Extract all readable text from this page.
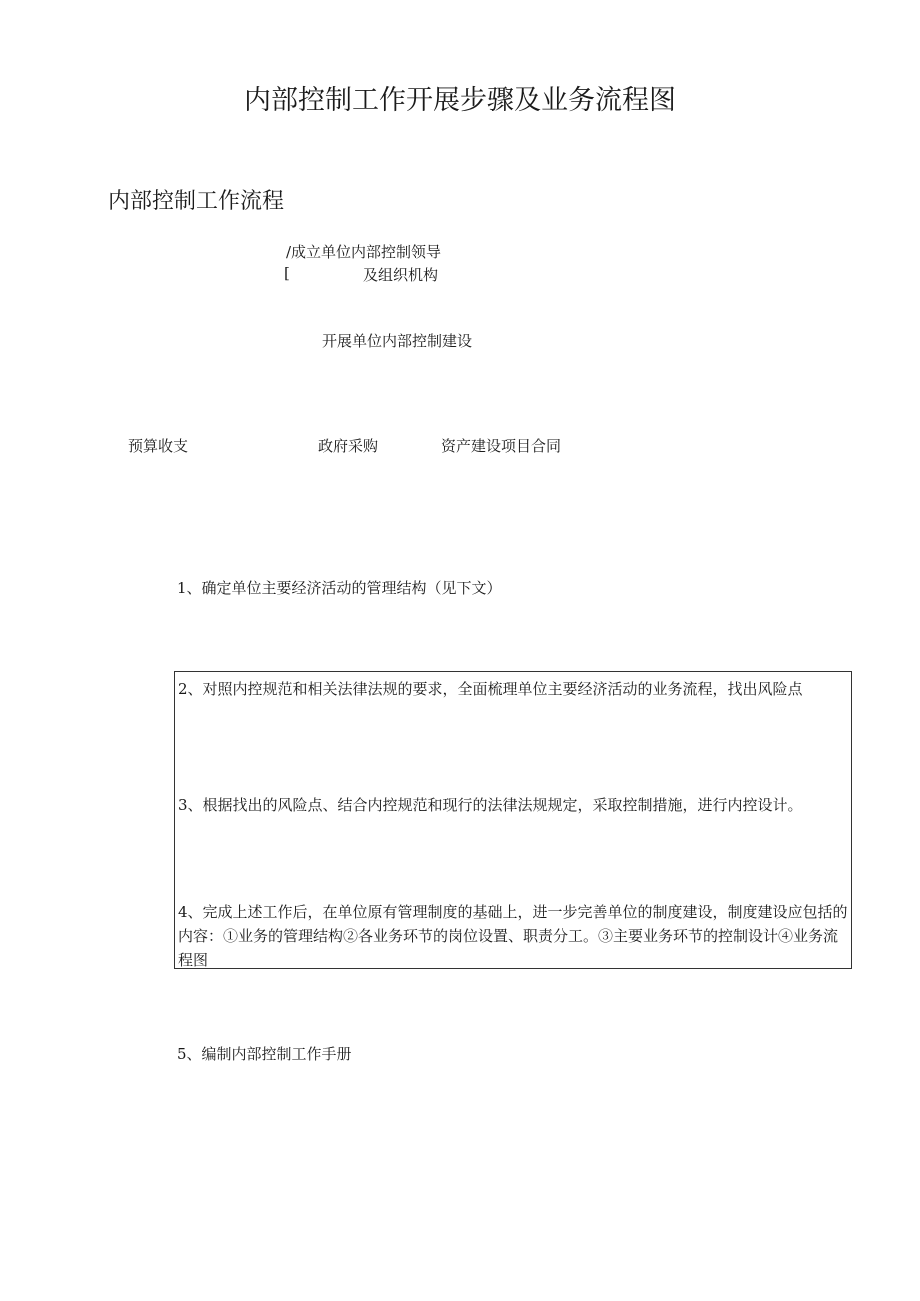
内部控制工作开展步骤及业务流程图
内部控制工作流程
/成立单位内部控制领导
[	及组织机构
开展单位内部控制建设
预算收支	政府采购	资产建设项目合同
1、确定单位主要经济活动的管理结构（见下文）
2、对照内控规范和相关法律法规的要求，全面梳理单位主要经济活动的业务流程，找出风险点
3、根据找出的风险点、结合内控规范和现行的法律法规规定，采取控制措施，进行内控设计。
4、完成上述工作后，在单位原有管理制度的基础上，进一步完善单位的制度建设，制度建设应包括的内容：①业务的管理结构②各业务环节的岗位设置、职责分工。③主要业务环节的控制设计④业务流程图
5、编制内部控制工作手册
